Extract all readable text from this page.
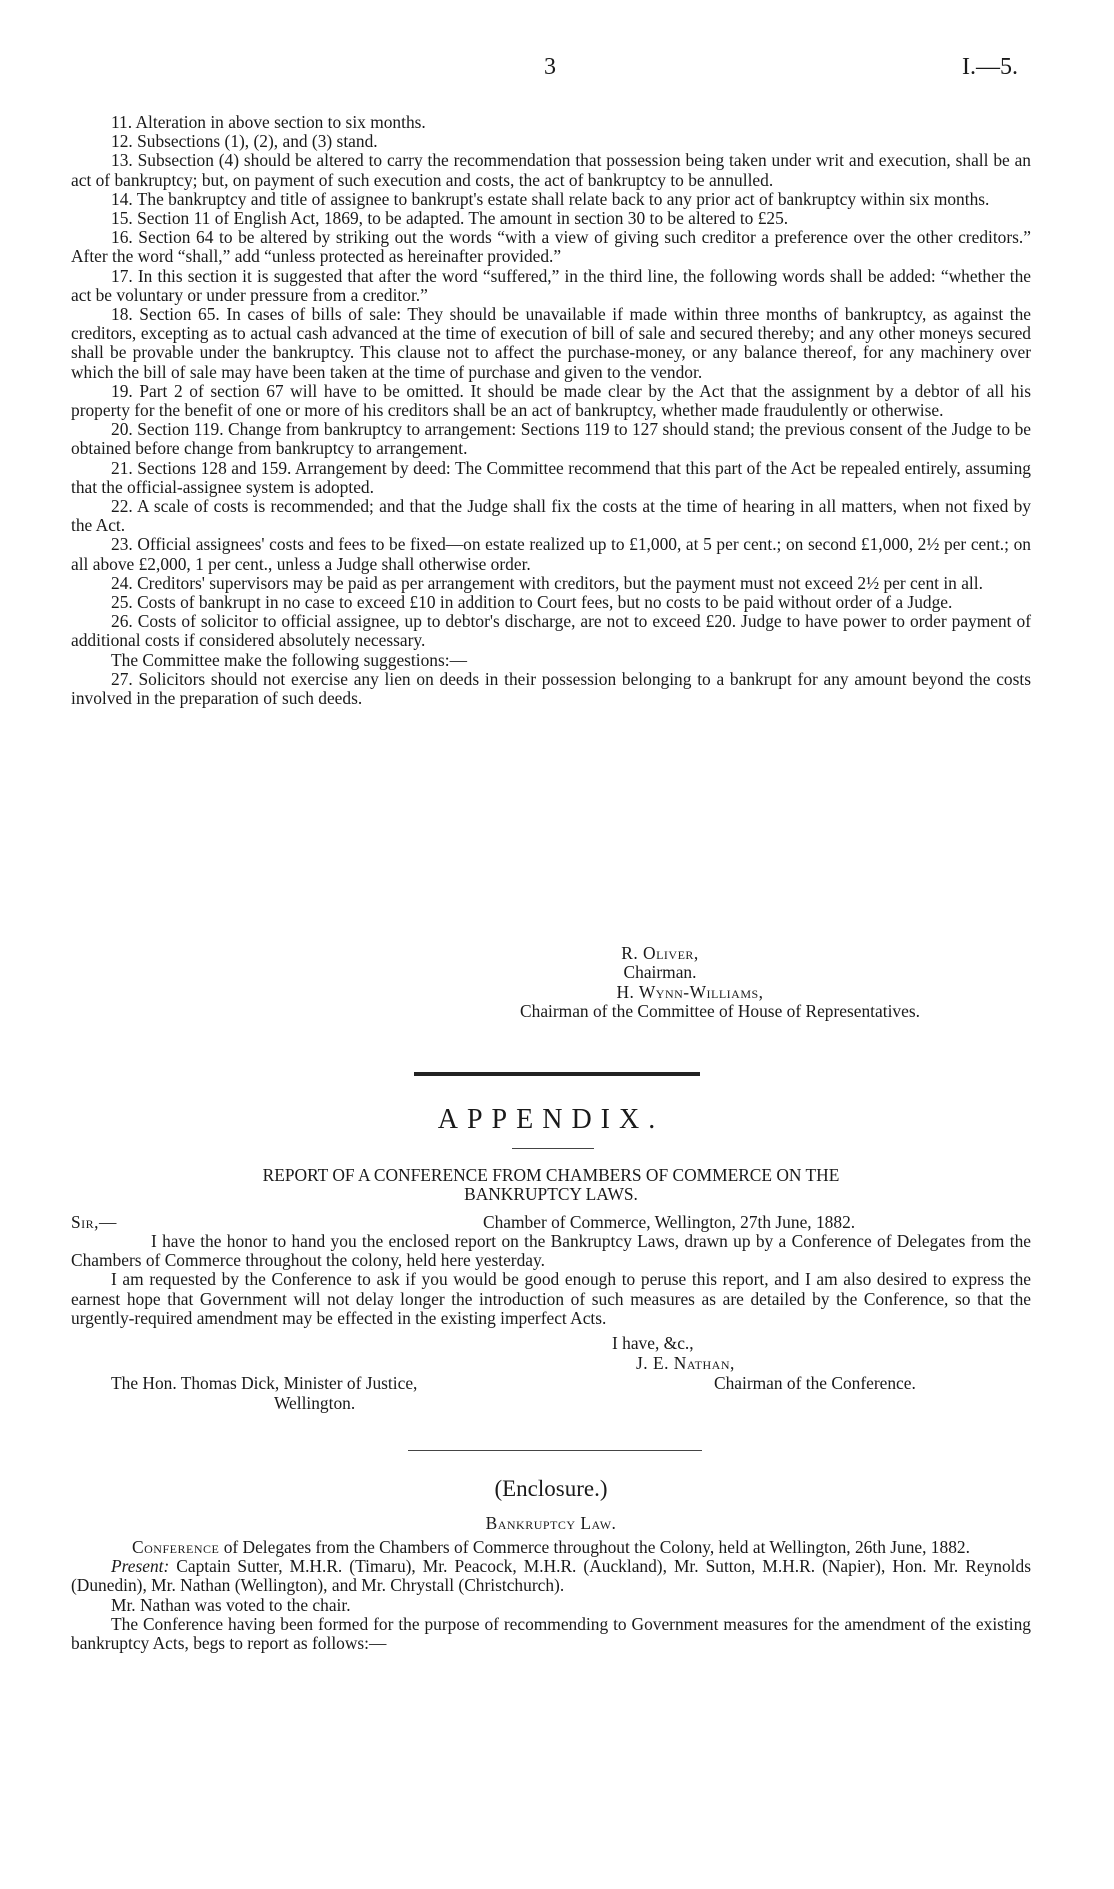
3	I.—5.

11. Alteration in above section to six months.

12. Subsections (1), (2), and (3) stand.

13. Subsection (4) should be altered to carry the recommendation that possession being taken under writ and execution, shall be an act of bankruptcy; but, on payment of such execution and costs, the act of bankruptcy to be annulled.

14. The bankruptcy and title of assignee to bankrupt's estate shall relate back to any prior act of bankruptcy within six months.

15. Section 11 of English Act, 1869, to be adapted. The amount in section 30 to be altered to £25.

16. Section 64 to be altered by striking out the words “with a view of giving such creditor a preference over the other creditors.” After the word “shall,” add “unless protected as hereinafter provided.”

17. In this section it is suggested that after the word “suffered,” in the third line, the following words shall be added: “whether the act be voluntary or under pressure from a creditor.”

18. Section 65. In cases of bills of sale: They should be unavailable if made within three months of bankruptcy, as against the creditors, excepting as to actual cash advanced at the time of execution of bill of sale and secured thereby; and any other moneys secured shall be provable under the bankruptcy. This clause not to affect the purchase-money, or any balance thereof, for any machinery over which the bill of sale may have been taken at the time of purchase and given to the vendor.

19. Part 2 of section 67 will have to be omitted. It should be made clear by the Act that the assignment by a debtor of all his property for the benefit of one or more of his creditors shall be an act of bankruptcy, whether made fraudulently or otherwise.

20. Section 119. Change from bankruptcy to arrangement: Sections 119 to 127 should stand; the previous consent of the Judge to be obtained before change from bankruptcy to arrangement.

21. Sections 128 and 159. Arrangement by deed: The Committee recommend that this part of the Act be repealed entirely, assuming that the official-assignee system is adopted.

22. A scale of costs is recommended; and that the Judge shall fix the costs at the time of hearing in all matters, when not fixed by the Act.

23. Official assignees' costs and fees to be fixed—on estate realized up to £1,000, at 5 per cent.; on second £1,000, 2½ per cent.; on all above £2,000, 1 per cent., unless a Judge shall otherwise order.

24. Creditors' supervisors may be paid as per arrangement with creditors, but the payment must not exceed 2½ per cent in all.

25. Costs of bankrupt in no case to exceed £10 in addition to Court fees, but no costs to be paid without order of a Judge.

26. Costs of solicitor to official assignee, up to debtor's discharge, are not to exceed £20. Judge to have power to order payment of additional costs if considered absolutely necessary.

The Committee make the following suggestions:—

27. Solicitors should not exercise any lien on deeds in their possession belonging to a bankrupt for any amount beyond the costs involved in the preparation of such deeds.

R. Oliver,
Chairman.
H. Wynn-Williams,
Chairman of the Committee of House of Representatives.
APPENDIX.
REPORT OF A CONFERENCE FROM CHAMBERS OF COMMERCE ON THE
BANKRUPTCY LAWS.
Sir,—	Chamber of Commerce, Wellington, 27th June, 1882.

I have the honor to hand you the enclosed report on the Bankruptcy Laws, drawn up by a Conference of Delegates from the Chambers of Commerce throughout the colony, held here yesterday.

I am requested by the Conference to ask if you would be good enough to peruse this report, and I am also desired to express the earnest hope that Government will not delay longer the introduction of such measures as are detailed by the Conference, so that the urgently-required amendment may be effected in the existing imperfect Acts.

I have, &c.,
J. E. Nathan,
Chairman of the Conference.
The Hon. Thomas Dick, Minister of Justice,
Wellington.
(Enclosure.)
Bankruptcy Law.

Conference of Delegates from the Chambers of Commerce throughout the Colony, held at Wellington, 26th June, 1882.

Present: Captain Sutter, M.H.R. (Timaru), Mr. Peacock, M.H.R. (Auckland), Mr. Sutton, M.H.R. (Napier), Hon. Mr. Reynolds (Dunedin), Mr. Nathan (Wellington), and Mr. Chrystall (Christchurch).

Mr. Nathan was voted to the chair.

The Conference having been formed for the purpose of recommending to Government measures for the amendment of the existing bankruptcy Acts, begs to report as follows:—
